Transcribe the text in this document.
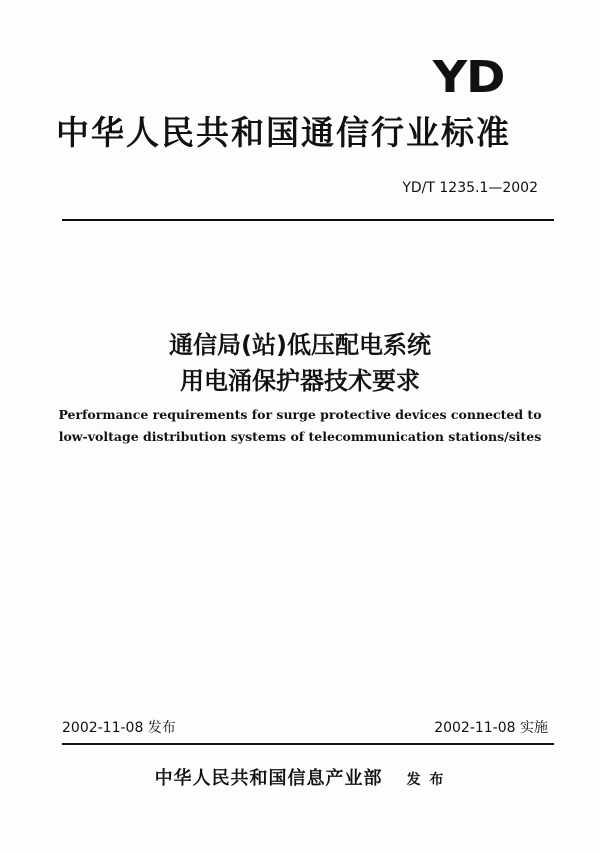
YD
中华人民共和国通信行业标准
YD/T 1235.1—2002
通信局(站)低压配电系统
用电涌保护器技术要求
Performance requirements for surge protective devices connected to
low-voltage distribution systems of telecommunication stations/sites
2002-11-08 发布	2002-11-08 实施
中华人民共和国信息产业部 发 布
